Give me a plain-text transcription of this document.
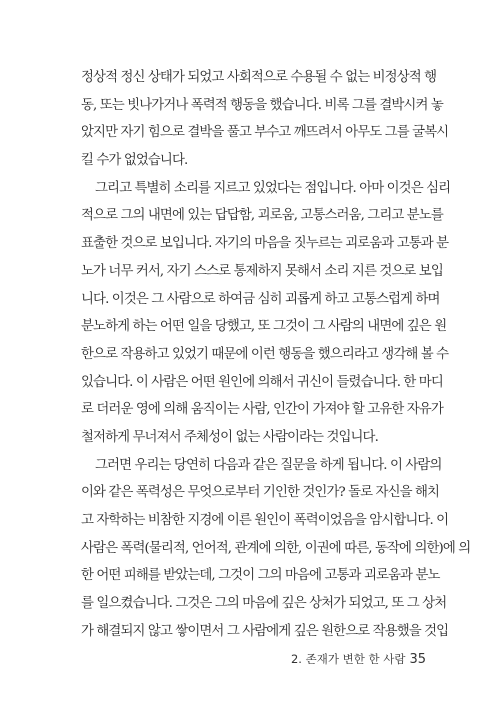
정상적 정신 상태가 되었고 사회적으로 수용될 수 없는 비정상적 행
동, 또는 빗나가거나 폭력적 행동을 했습니다. 비록 그를 결박시켜 놓
았지만 자기 힘으로 결박을 풀고 부수고 깨뜨려서 아무도 그를 굴복시
킬 수가 없었습니다.
그리고 특별히 소리를 지르고 있었다는 점입니다. 아마 이것은 심리
적으로 그의 내면에 있는 답답함, 괴로움, 고통스러움, 그리고 분노를
표출한 것으로 보입니다. 자기의 마음을 짓누르는 괴로움과 고통과 분
노가 너무 커서, 자기 스스로 통제하지 못해서 소리 지른 것으로 보입
니다. 이것은 그 사람으로 하여금 심히 괴롭게 하고 고통스럽게 하며
분노하게 하는 어떤 일을 당했고, 또 그것이 그 사람의 내면에 깊은 원
한으로 작용하고 있었기 때문에 이런 행동을 했으리라고 생각해 볼 수
있습니다. 이 사람은 어떤 원인에 의해서 귀신이 들렸습니다. 한 마디
로 더러운 영에 의해 움직이는 사람, 인간이 가져야 할 고유한 자유가
철저하게 무너져서 주체성이 없는 사람이라는 것입니다.
그러면 우리는 당연히 다음과 같은 질문을 하게 됩니다. 이 사람의
이와 같은 폭력성은 무엇으로부터 기인한 것인가? 돌로 자신을 해치
고 자학하는 비참한 지경에 이른 원인이 폭력이었음을 암시합니다. 이
사람은 폭력(물리적, 언어적, 관계에 의한, 이권에 따른, 동작에 의한)에 의
한 어떤 피해를 받았는데, 그것이 그의 마음에 고통과 괴로움과 분노
를 일으켰습니다. 그것은 그의 마음에 깊은 상처가 되었고, 또 그 상처
가 해결되지 않고 쌓이면서 그 사람에게 깊은 원한으로 작용했을 것입
2. 존재가 변한 한 사람 35
